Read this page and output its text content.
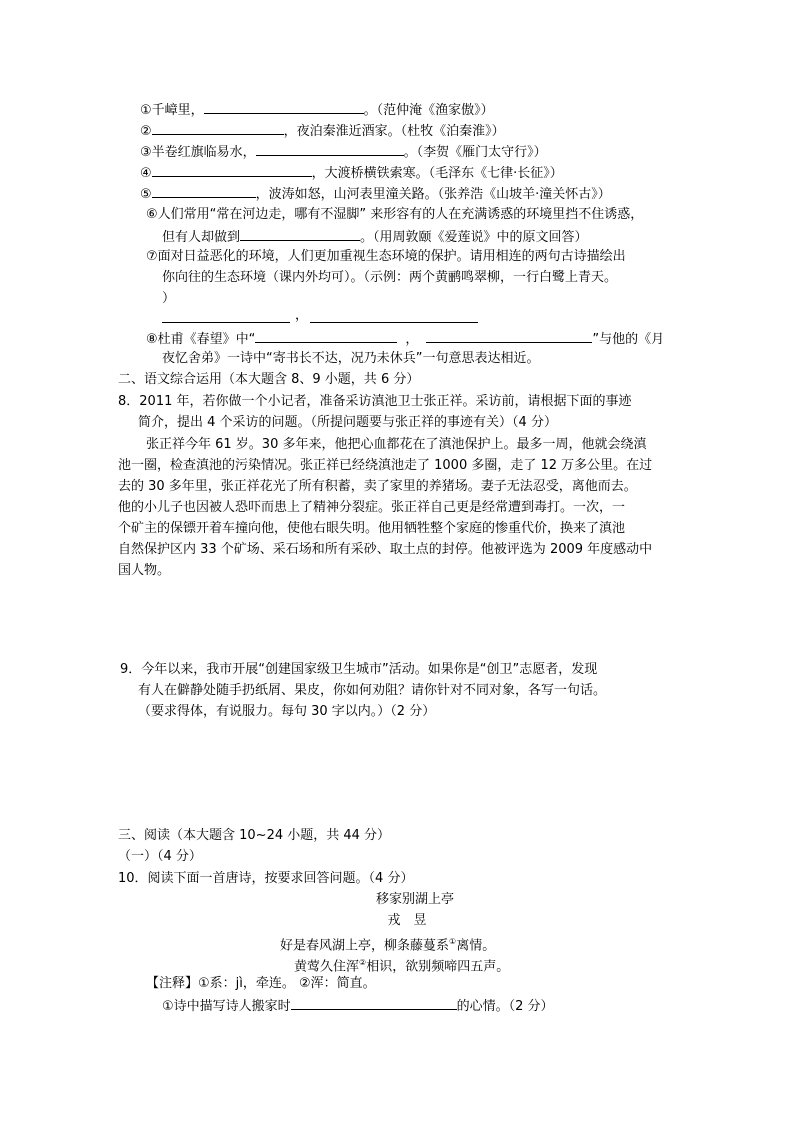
①千嶂里，	。（范仲淹《渔家傲》）
②	，夜泊秦淮近酒家。（杜牧《泊秦淮》）
③半卷红旗临易水，	。（李贺《雁门太守行》）
④	，大渡桥横铁索寒。（毛泽东《七律·长征》）
⑤	，波涛如怒，山河表里潼关路。（张养浩《山坡羊·潼关怀古》）
⑥人们常用“常在河边走，哪有不湿脚” 来形容有的人在充满诱惑的环境里挡不住诱惑，
但有人却做到	。（用周敦颐《爱莲说》中的原文回答）
⑦面对日益恶化的环境，人们更加重视生态环境的保护。请用相连的两句古诗描绘出
你向往的生态环境（课内外均可）。（示例：两个黄鹂鸣翠柳，一行白鹭上青天。
）
，
⑧杜甫《春望》中“	，	”与他的《月
夜忆舍弟》一诗中“寄书长不达，况乃未休兵”一句意思表达相近。
二、语文综合运用（本大题含 8、9 小题，共 6 分）
8．2011 年，若你做一个小记者，准备采访滇池卫士张正祥。采访前，请根据下面的事迹
简介，提出 4 个采访的问题。（所提问题要与张正祥的事迹有关）（4 分）
张正祥今年 61 岁。30 多年来，他把心血都花在了滇池保护上。最多一周，他就会绕滇
池一圈，检查滇池的污染情况。张正祥已经绕滇池走了 1000 多圈，走了 12 万多公里。在过
去的 30 多年里，张正祥花光了所有积蓄，卖了家里的养猪场。妻子无法忍受，离他而去。
他的小儿子也因被人恐吓而患上了精神分裂症。张正祥自己更是经常遭到毒打。一次，一
个矿主的保镖开着车撞向他，使他右眼失明。他用牺牲整个家庭的惨重代价，换来了滇池
自然保护区内 33 个矿场、采石场和所有采砂、取土点的封停。他被评选为 2009 年度感动中
国人物。
9．今年以来，我市开展“创建国家级卫生城市”活动。如果你是“创卫”志愿者，发现
有人在僻静处随手扔纸屑、果皮，你如何劝阻？请你针对不同对象，各写一句话。
（要求得体，有说服力。每句 30 字以内。）（2 分）
三、阅读（本大题含 10~24 小题，共 44 分）
（一）（4 分）
10．阅读下面一首唐诗，按要求回答问题。（4 分）
移家别湖上亭
戎　昱
好是春风湖上亭，柳条藤蔓系①离情。
黄莺久住浑②相识，欲别频啼四五声。
【注释】①系：jì，牵连。 ②浑：简直。
①诗中描写诗人搬家时	的心情。（2 分）
